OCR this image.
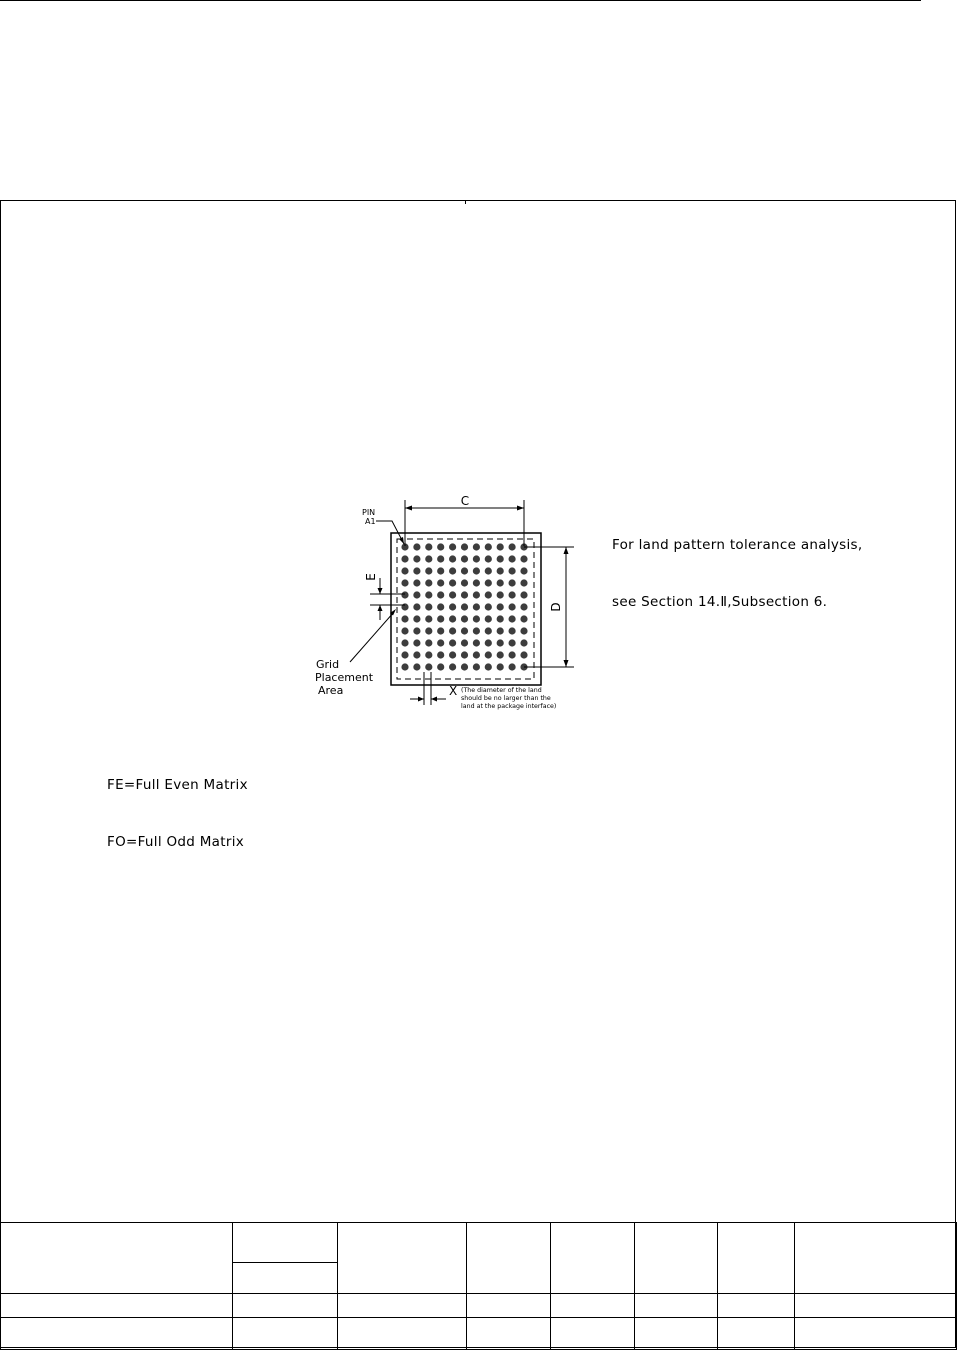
C
D
E
X (The diameter of the land
should be no larger than the
land at the package interface)
PIN
A1
Grid
Placement
Area

For land pattern tolerance analysis,

see Section 14.Ⅱ,Subsection 6.

FE=Full Even Matrix

FO=Full Odd Matrix
